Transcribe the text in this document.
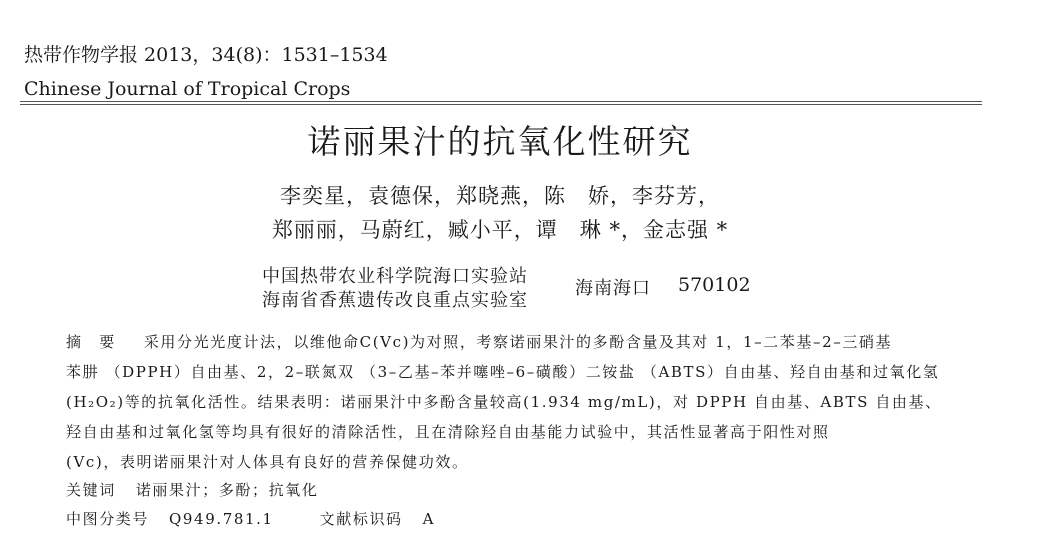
热带作物学报 2013，34(8)：1531–1534
Chinese Journal of Tropical Crops
诺丽果汁的抗氧化性研究
李奕星，袁德保，郑晓燕，陈　娇，李芬芳，
郑丽丽，马蔚红，臧小平，谭　琳 *，金志强 *
中国热带农业科学院海口实验站
海南省香蕉遗传改良重点实验室
海南海口 570102
摘　要 采用分光光度计法，以维他命C(Vc)为对照，考察诺丽果汁的多酚含量及其对 1，1–二苯基–2–三硝基
苯肼 （DPPH）自由基、2，2–联氮双 （3–乙基–苯并噻唑–6–磺酸）二铵盐 （ABTS）自由基、羟自由基和过氧化氢
(H₂O₂)等的抗氧化活性。结果表明：诺丽果汁中多酚含量较高(1.934 mg/mL)，对 DPPH 自由基、ABTS 自由基、
羟自由基和过氧化氢等均具有很好的清除活性，且在清除羟自由基能力试验中，其活性显著高于阳性对照
(Vc)，表明诺丽果汁对人体具有良好的营养保健功效。
关键词 诺丽果汁；多酚；抗氧化
中图分类号 Q949.781.1	文献标识码 A
